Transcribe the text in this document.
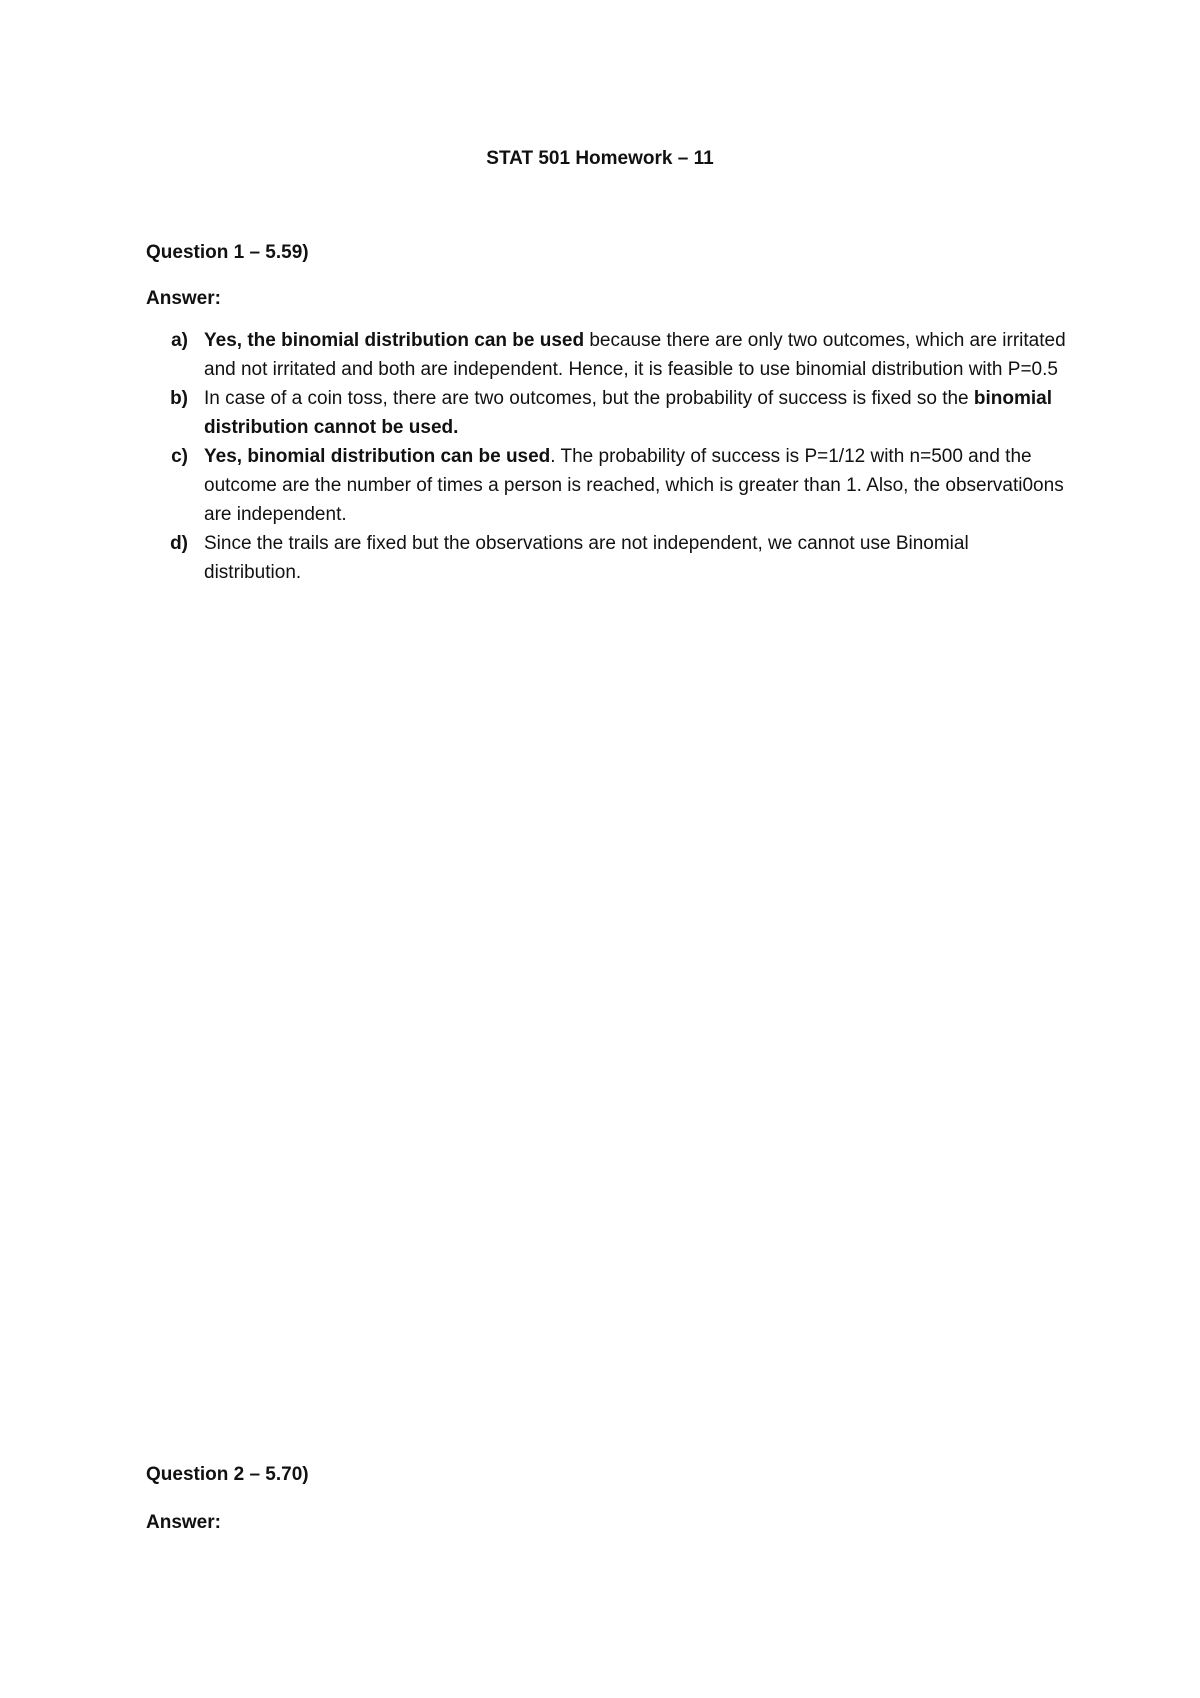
STAT 501 Homework – 11
Question 1 – 5.59)
Answer:
a) Yes, the binomial distribution can be used because there are only two outcomes, which are irritated and not irritated and both are independent. Hence, it is feasible to use binomial distribution with P=0.5
b) In case of a coin toss, there are two outcomes, but the probability of success is fixed so the binomial distribution cannot be used.
c) Yes, binomial distribution can be used. The probability of success is P=1/12 with n=500 and the outcome are the number of times a person is reached, which is greater than 1. Also, the observati0ons are independent.
d) Since the trails are fixed but the observations are not independent, we cannot use Binomial distribution.
Question 2 – 5.70)
Answer:
